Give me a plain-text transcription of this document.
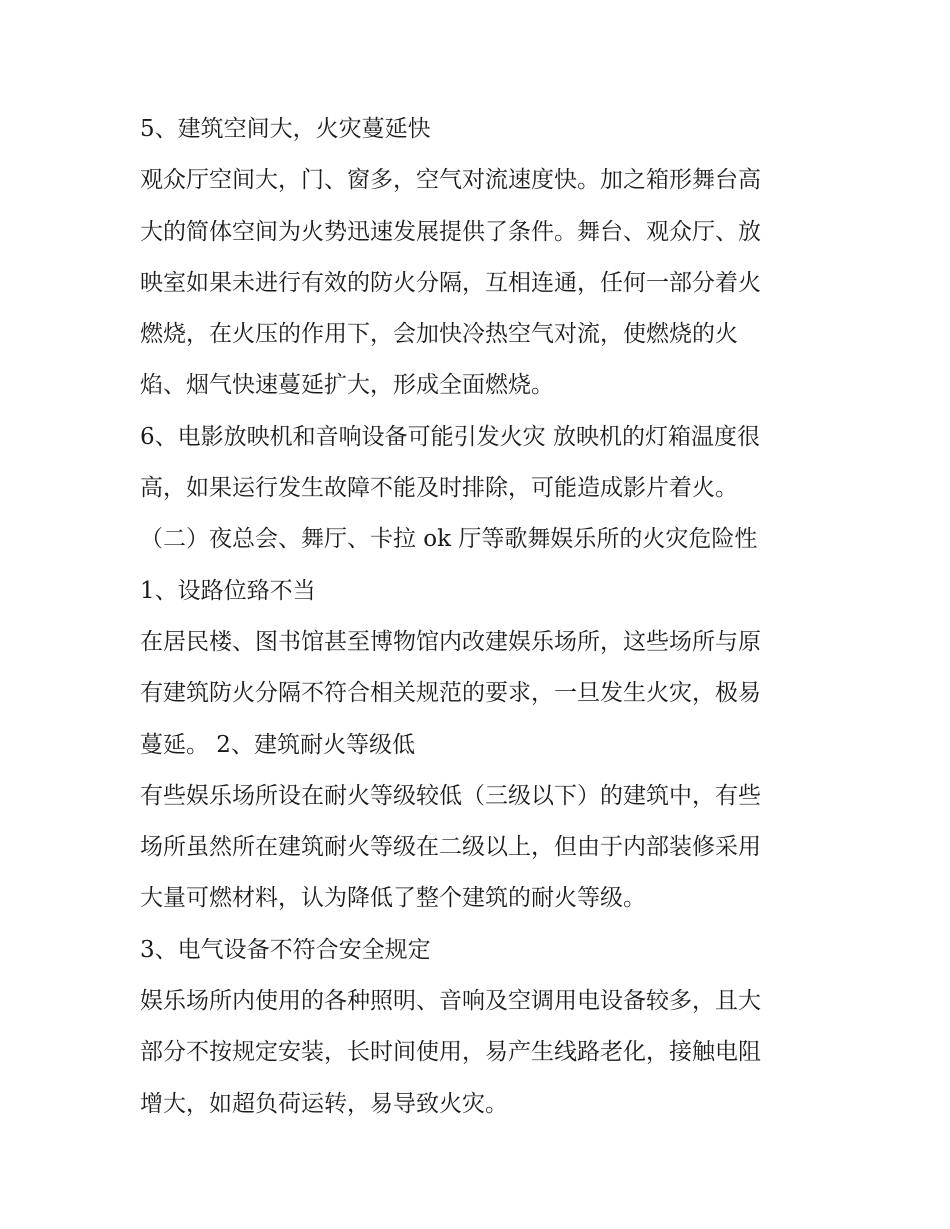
5、建筑空间大，火灾蔓延快
观众厅空间大，门、窗多，空气对流速度快。加之箱形舞台高
大的简体空间为火势迅速发展提供了条件。舞台、观众厅、放
映室如果未进行有效的防火分隔，互相连通，任何一部分着火
燃烧，在火压的作用下，会加快冷热空气对流，使燃烧的火
焰、烟气快速蔓延扩大，形成全面燃烧。
6、电影放映机和音响设备可能引发火灾 放映机的灯箱温度很
高，如果运行发生故障不能及时排除，可能造成影片着火。
（二）夜总会、舞厅、卡拉 ok 厅等歌舞娱乐所的火灾危险性
1、设路位臵不当
在居民楼、图书馆甚至博物馆内改建娱乐场所，这些场所与原
有建筑防火分隔不符合相关规范的要求，一旦发生火灾，极易
蔓延。 2、建筑耐火等级低
有些娱乐场所设在耐火等级较低（三级以下）的建筑中，有些
场所虽然所在建筑耐火等级在二级以上，但由于内部装修采用
大量可燃材料，认为降低了整个建筑的耐火等级。
3、电气设备不符合安全规定
娱乐场所内使用的各种照明、音响及空调用电设备较多，且大
部分不按规定安装，长时间使用，易产生线路老化，接触电阻
增大，如超负荷运转，易导致火灾。
